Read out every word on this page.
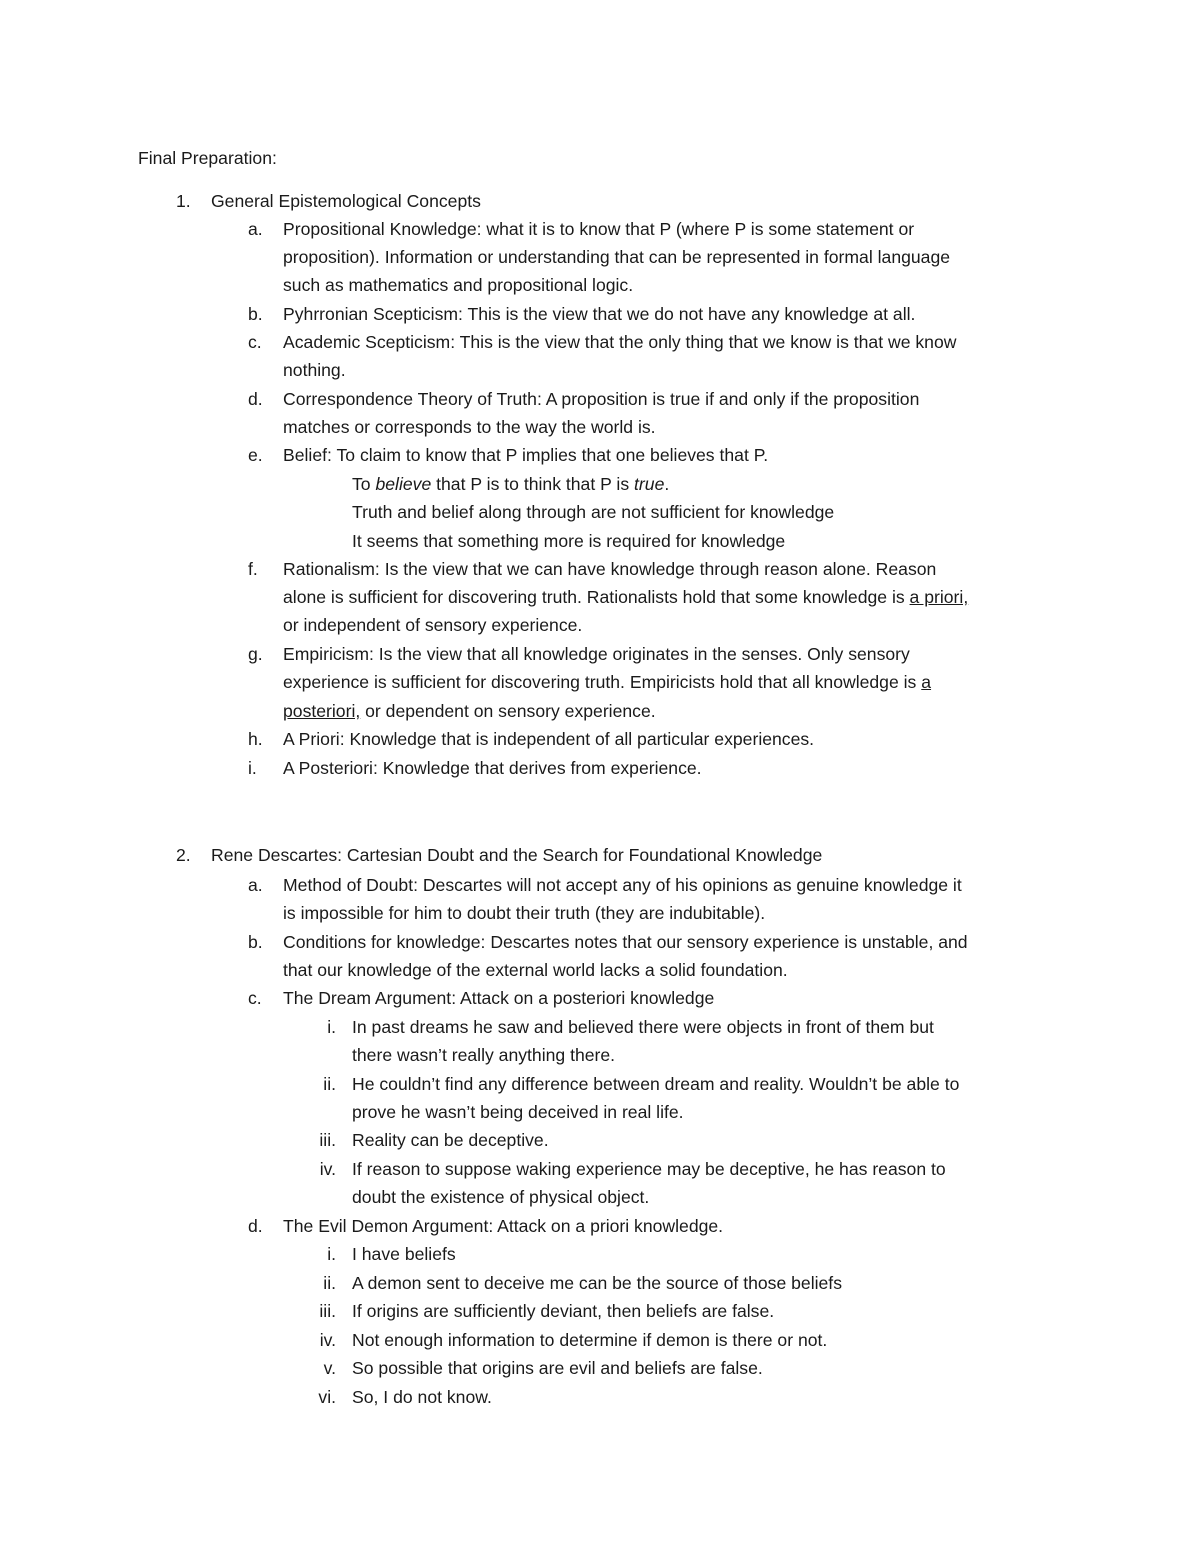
Final Preparation:
1. General Epistemological Concepts
a. Propositional Knowledge: what it is to know that P (where P is some statement or
proposition). Information or understanding that can be represented in formal language
such as mathematics and propositional logic.
b. Pyhrronian Scepticism: This is the view that we do not have any knowledge at all.
c. Academic Scepticism: This is the view that the only thing that we know is that we know
nothing.
d. Correspondence Theory of Truth: A proposition is true if and only if the proposition
matches or corresponds to the way the world is.
e. Belief: To claim to know that P implies that one believes that P.
To believe that P is to think that P is true.
Truth and belief along through are not sufficient for knowledge
It seems that something more is required for knowledge
f. Rationalism: Is the view that we can have knowledge through reason alone. Reason
alone is sufficient for discovering truth. Rationalists hold that some knowledge is a priori,
or independent of sensory experience.
g. Empiricism: Is the view that all knowledge originates in the senses. Only sensory
experience is sufficient for discovering truth. Empiricists hold that all knowledge is a
posteriori, or dependent on sensory experience.
h. A Priori: Knowledge that is independent of all particular experiences.
i. A Posteriori: Knowledge that derives from experience.
2. Rene Descartes: Cartesian Doubt and the Search for Foundational Knowledge
a. Method of Doubt: Descartes will not accept any of his opinions as genuine knowledge it
is impossible for him to doubt their truth (they are indubitable).
b. Conditions for knowledge: Descartes notes that our sensory experience is unstable, and
that our knowledge of the external world lacks a solid foundation.
c. The Dream Argument: Attack on a posteriori knowledge
i. In past dreams he saw and believed there were objects in front of them but
there wasn’t really anything there.
ii. He couldn’t find any difference between dream and reality. Wouldn’t be able to
prove he wasn’t being deceived in real life.
iii. Reality can be deceptive.
iv. If reason to suppose waking experience may be deceptive, he has reason to
doubt the existence of physical object.
d. The Evil Demon Argument: Attack on a priori knowledge.
i. I have beliefs
ii. A demon sent to deceive me can be the source of those beliefs
iii. If origins are sufficiently deviant, then beliefs are false.
iv. Not enough information to determine if demon is there or not.
v. So possible that origins are evil and beliefs are false.
vi. So, I do not know.
